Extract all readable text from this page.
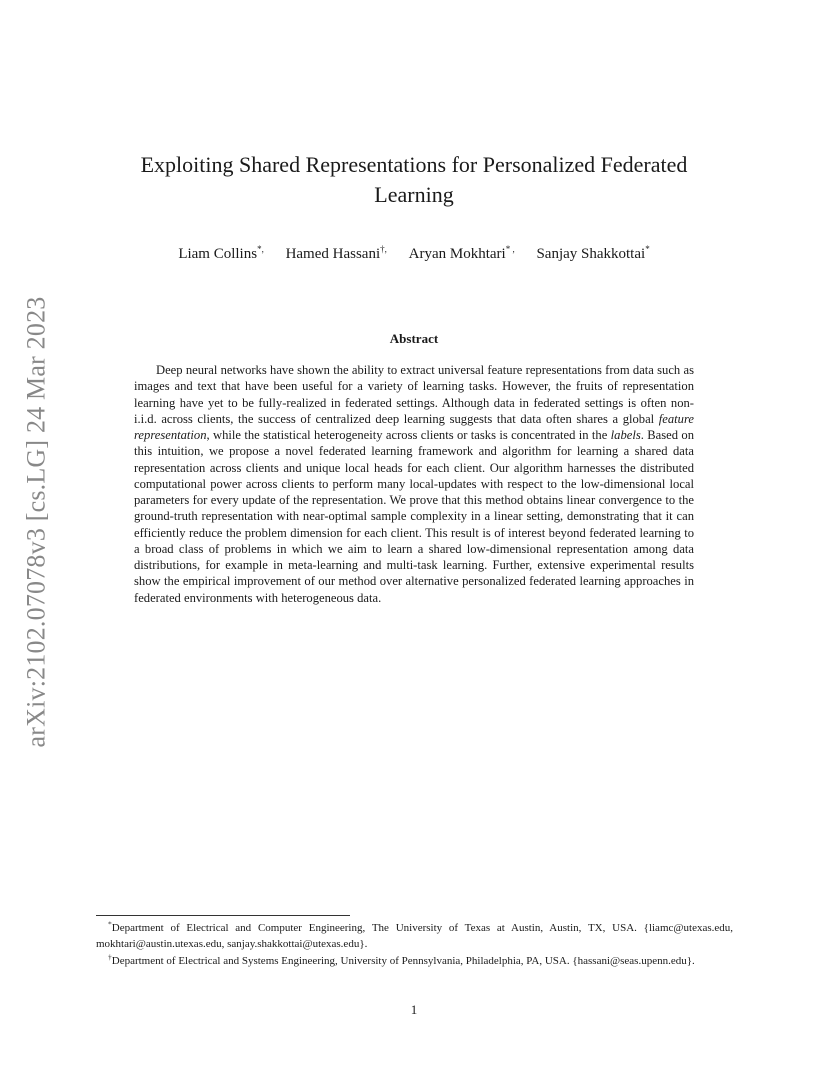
arXiv:2102.07078v3 [cs.LG] 24 Mar 2023
Exploiting Shared Representations for Personalized Federated Learning
Liam Collins*, Hamed Hassani†, Aryan Mokhtari* , Sanjay Shakkottai*
Abstract

Deep neural networks have shown the ability to extract universal feature representations from data such as images and text that have been useful for a variety of learning tasks. However, the fruits of representation learning have yet to be fully-realized in federated settings. Although data in federated settings is often non-i.i.d. across clients, the success of centralized deep learning suggests that data often shares a global feature representation, while the statistical heterogeneity across clients or tasks is concentrated in the labels. Based on this intuition, we propose a novel federated learning framework and algorithm for learning a shared data representation across clients and unique local heads for each client. Our algorithm harnesses the distributed computational power across clients to perform many local-updates with respect to the low-dimensional local parameters for every update of the representation. We prove that this method obtains linear convergence to the ground-truth representation with near-optimal sample complexity in a linear setting, demonstrating that it can efficiently reduce the problem dimension for each client. This result is of interest beyond federated learning to a broad class of problems in which we aim to learn a shared low-dimensional representation among data distributions, for example in meta-learning and multi-task learning. Further, extensive experimental results show the empirical improvement of our method over alternative personalized federated learning approaches in federated environments with heterogeneous data.

*Department of Electrical and Computer Engineering, The University of Texas at Austin, Austin, TX, USA. {liamc@utexas.edu, mokhtari@austin.utexas.edu, sanjay.shakkottai@utexas.edu}.

†Department of Electrical and Systems Engineering, University of Pennsylvania, Philadelphia, PA, USA. {hassani@seas.upenn.edu}.

1
